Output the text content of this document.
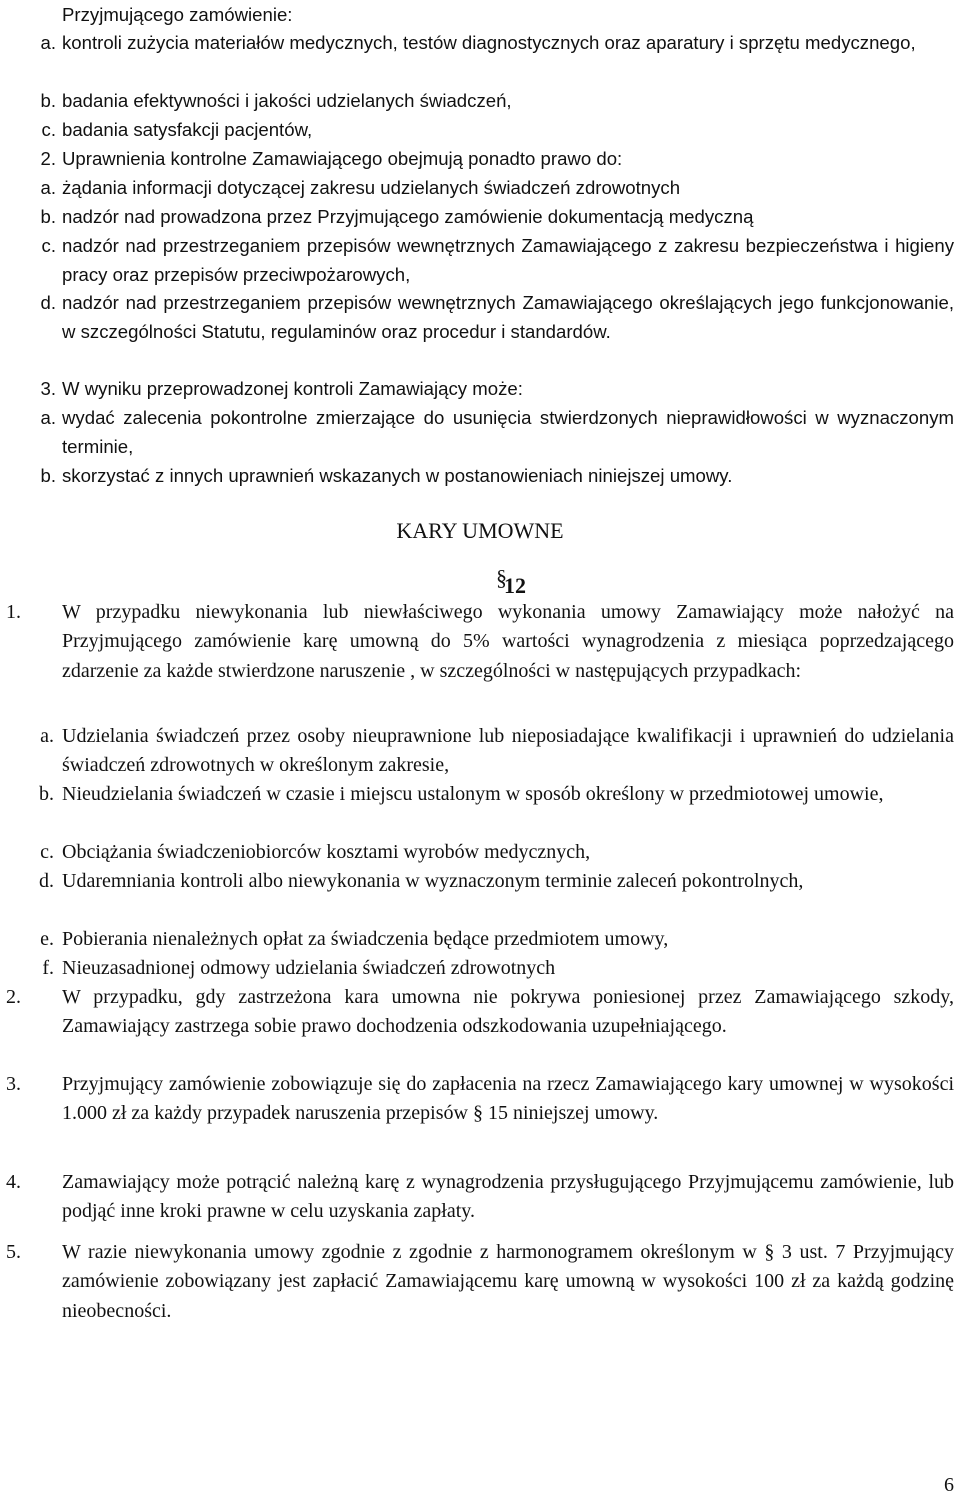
Przyjmującego zamówienie:
a. kontroli zużycia materiałów medycznych, testów diagnostycznych oraz aparatury i sprzętu medycznego,
b. badania efektywności i jakości udzielanych świadczeń,
c. badania satysfakcji pacjentów,
2. Uprawnienia kontrolne Zamawiającego obejmują ponadto prawo do:
a. żądania informacji dotyczącej zakresu udzielanych świadczeń zdrowotnych
b. nadzór nad prowadzona przez Przyjmującego zamówienie dokumentacją medyczną
c. nadzór nad przestrzeganiem przepisów wewnętrznych Zamawiającego z zakresu bezpieczeństwa i higieny pracy oraz przepisów przeciwpożarowych,
d. nadzór nad przestrzeganiem przepisów wewnętrznych Zamawiającego określających jego funkcjonowanie, w szczególności Statutu, regulaminów oraz procedur i standardów.
3. W wyniku przeprowadzonej kontroli Zamawiający może:
a. wydać zalecenia pokontrolne zmierzające do usunięcia stwierdzonych nieprawidłowości w wyznaczonym terminie,
b. skorzystać z innych uprawnień wskazanych w postanowieniach niniejszej umowy.
KARY UMOWNE
§
12
1.	W przypadku niewykonania lub niewłaściwego wykonania umowy Zamawiający może nałożyć na Przyjmującego zamówienie karę umowną do 5% wartości wynagrodzenia z miesiąca poprzedzającego zdarzenie za każde stwierdzone naruszenie , w szczególności w następujących przypadkach:
a. Udzielania świadczeń przez osoby nieuprawnione lub nieposiadające kwalifikacji i uprawnień do udzielania świadczeń zdrowotnych w określonym zakresie,
b. Nieudzielania świadczeń w czasie i miejscu ustalonym w sposób określony w przedmiotowej umowie,
c. Obciążania świadczeniobiorców kosztami wyrobów medycznych,
d. Udaremniania kontroli albo niewykonania w wyznaczonym terminie zaleceń pokontrolnych,
e. Pobierania nienależnych opłat za świadczenia będące przedmiotem umowy,
f. Nieuzasadnionej odmowy udzielania świadczeń zdrowotnych
2.	W przypadku, gdy zastrzeżona kara umowna nie pokrywa poniesionej przez Zamawiającego szkody, Zamawiający zastrzega sobie prawo dochodzenia odszkodowania uzupełniającego.
3.	Przyjmujący zamówienie zobowiązuje się do zapłacenia na rzecz Zamawiającego kary umownej w wysokości 1.000 zł za każdy przypadek naruszenia przepisów § 15 niniejszej umowy.
4.	Zamawiający może potrącić należną karę z wynagrodzenia przysługującego Przyjmującemu zamówienie, lub podjąć inne kroki prawne w celu uzyskania zapłaty.
5.	W razie niewykonania umowy zgodnie z zgodnie z harmonogramem określonym w § 3 ust. 7 Przyjmujący zamówienie zobowiązany jest zapłacić Zamawiającemu karę umowną w wysokości 100 zł za każdą godzinę nieobecności.
6
